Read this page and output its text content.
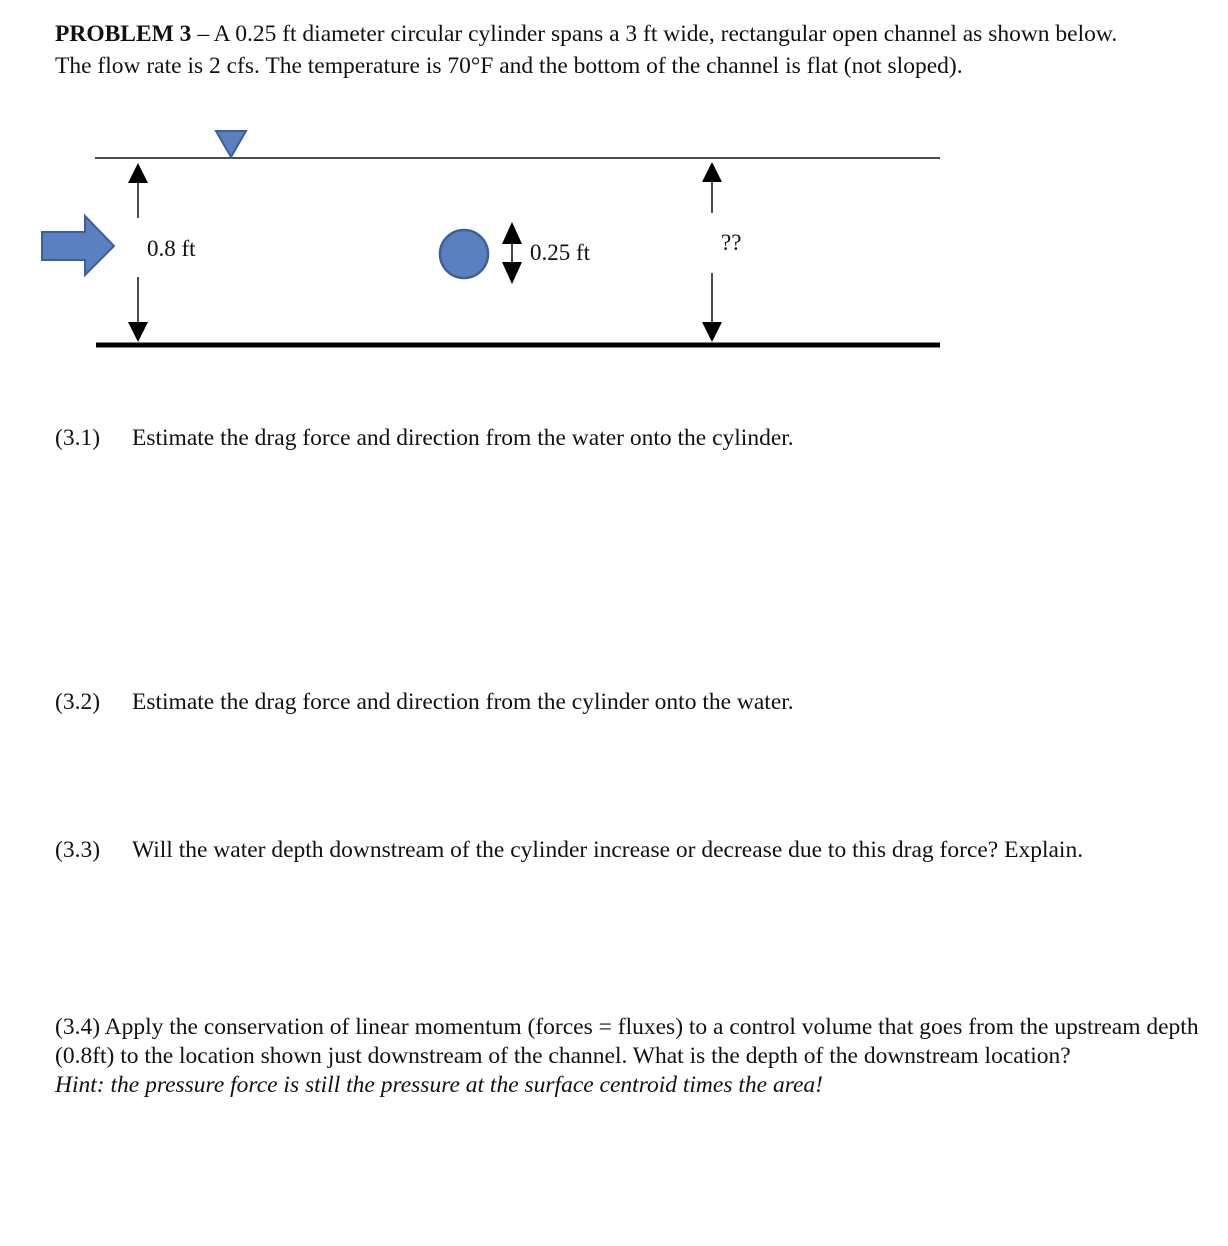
PROBLEM 3 – A 0.25 ft diameter circular cylinder spans a 3 ft wide, rectangular open channel as shown below.
The flow rate is 2 cfs. The temperature is 70°F and the bottom of the channel is flat (not sloped).
0.8 ft	0.25 ft	??
(3.1) Estimate the drag force and direction from the water onto the cylinder.
(3.2) Estimate the drag force and direction from the cylinder onto the water.
(3.3) Will the water depth downstream of the cylinder increase or decrease due to this drag force? Explain.
(3.4) Apply the conservation of linear momentum (forces = fluxes) to a control volume that goes from the upstream depth (0.8ft) to the location shown just downstream of the channel. What is the depth of the downstream location?
Hint: the pressure force is still the pressure at the surface centroid times the area!
